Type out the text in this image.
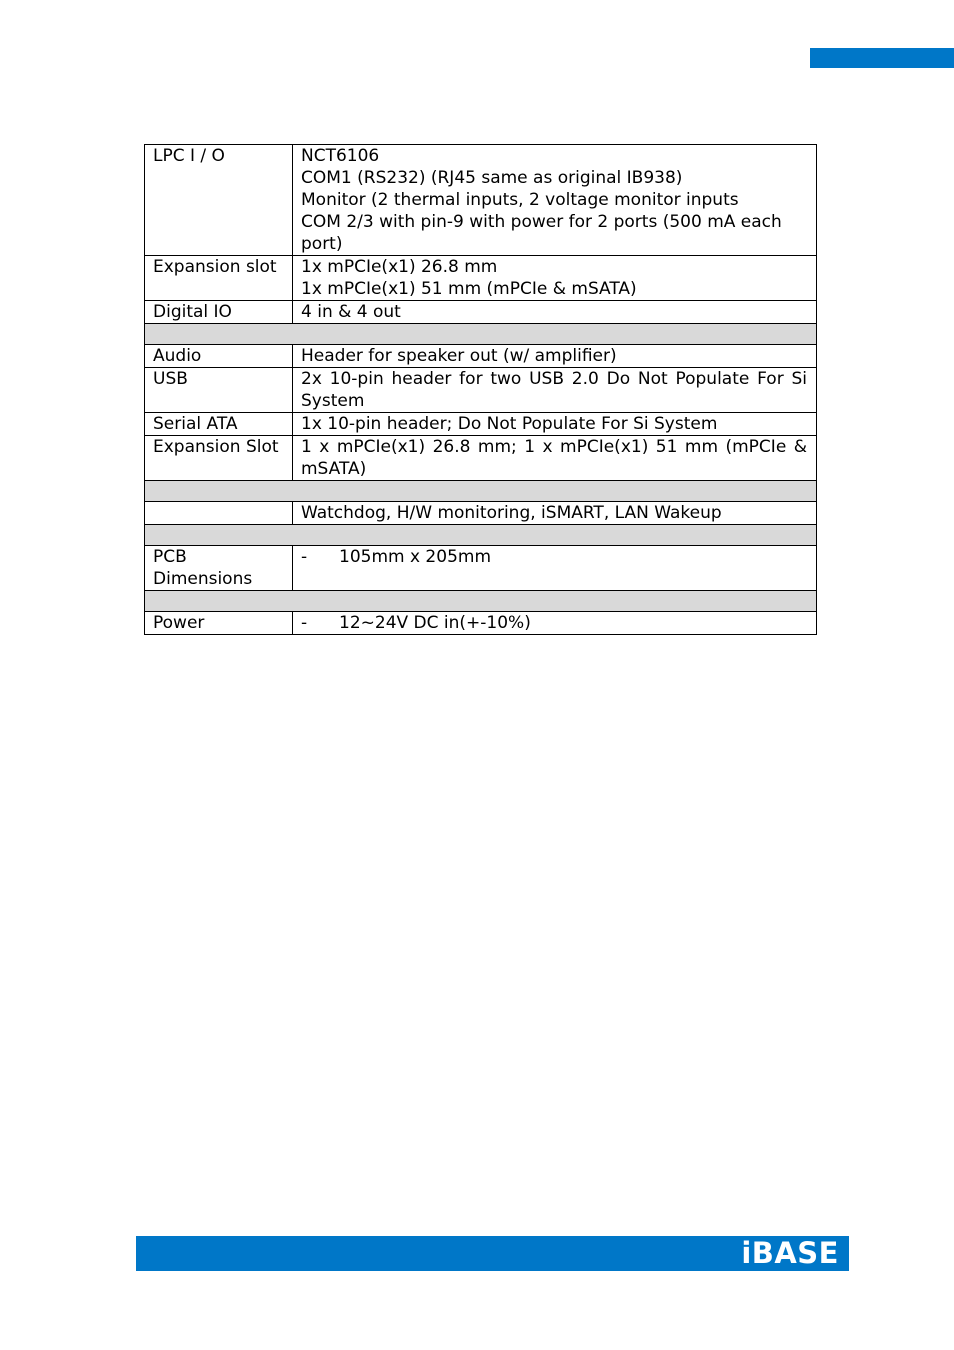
LPC I / O	NCT6106
COM1 (RS232) (RJ45 same as original IB938)
Monitor (2 thermal inputs, 2 voltage monitor inputs
COM 2/3 with pin-9 with power for 2 ports (500 mA each port)

Expansion slot	1x mPCIe(x1) 26.8 mm
1x mPCIe(x1) 51 mm (mPCIe & mSATA)

Digital IO	4 in & 4 out

Audio	Header for speaker out (w/ amplifier)
USB	2x 10-pin header for two USB 2.0 Do Not Populate For Si System
Serial ATA	1x 10-pin header; Do Not Populate For Si System
Expansion Slot	1 x mPCIe(x1) 26.8 mm; 1 x mPCIe(x1) 51 mm (mPCIe & mSATA)

	Watchdog, H/W monitoring, iSMART, LAN Wakeup

PCB
Dimensions	- 105mm x 205mm

Power	- 12~24V DC in(+-10%)
iBASE
